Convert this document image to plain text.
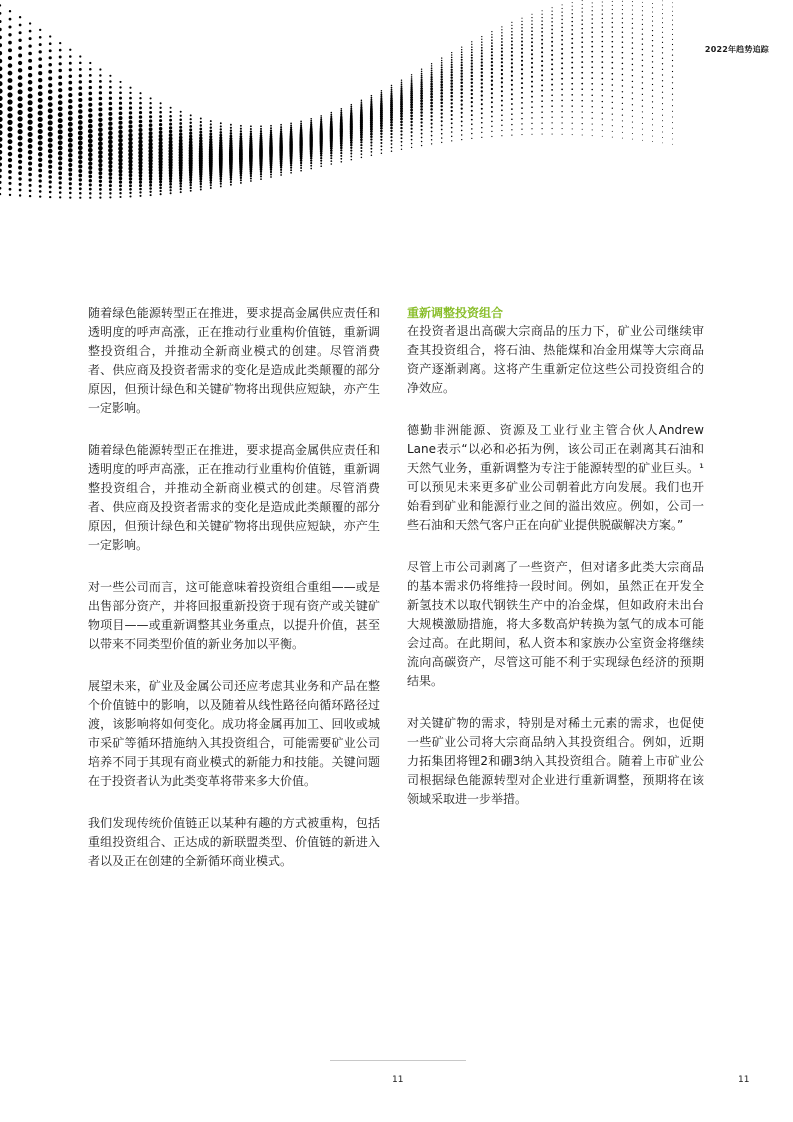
2022年趋势追踪

随着绿色能源转型正在推进，要求提高金属供应责任和透明度的呼声高涨，正在推动行业重构价值链，重新调整投资组合，并推动全新商业模式的创建。尽管消费者、供应商及投资者需求的变化是造成此类颠覆的部分原因，但预计绿色和关键矿物将出现供应短缺，亦产生一定影响。

随着绿色能源转型正在推进，要求提高金属供应责任和透明度的呼声高涨，正在推动行业重构价值链，重新调整投资组合，并推动全新商业模式的创建。尽管消费者、供应商及投资者需求的变化是造成此类颠覆的部分原因，但预计绿色和关键矿物将出现供应短缺，亦产生一定影响。

对一些公司而言，这可能意味着投资组合重组——或是出售部分资产，并将回报重新投资于现有资产或关键矿物项目——或重新调整其业务重点，以提升价值，甚至以带来不同类型价值的新业务加以平衡。

展望未来，矿业及金属公司还应考虑其业务和产品在整个价值链中的影响，以及随着从线性路径向循环路径过渡，该影响将如何变化。成功将金属再加工、回收或城市采矿等循环措施纳入其投资组合，可能需要矿业公司培养不同于其现有商业模式的新能力和技能。关键问题在于投资者认为此类变革将带来多大价值。

我们发现传统价值链正以某种有趣的方式被重构，包括重组投资组合、正达成的新联盟类型、价值链的新进入者以及正在创建的全新循环商业模式。

重新调整投资组合

在投资者退出高碳大宗商品的压力下，矿业公司继续审查其投资组合，将石油、热能煤和冶金用煤等大宗商品资产逐渐剥离。这将产生重新定位这些公司投资组合的净效应。

德勤非洲能源、资源及工业行业主管合伙人Andrew Lane表示“以必和必拓为例，该公司正在剥离其石油和天然气业务，重新调整为专注于能源转型的矿业巨头。¹可以预见未来更多矿业公司朝着此方向发展。我们也开始看到矿业和能源行业之间的溢出效应。例如，公司一些石油和天然气客户正在向矿业提供脱碳解决方案。”

尽管上市公司剥离了一些资产，但对诸多此类大宗商品的基本需求仍将维持一段时间。例如，虽然正在开发全新氢技术以取代钢铁生产中的冶金煤，但如政府未出台大规模激励措施，将大多数高炉转换为氢气的成本可能会过高。在此期间，私人资本和家族办公室资金将继续流向高碳资产，尽管这可能不利于实现绿色经济的预期结果。

对关键矿物的需求，特别是对稀土元素的需求，也促使一些矿业公司将大宗商品纳入其投资组合。例如，近期力拓集团将锂2和硼3纳入其投资组合。随着上市矿业公司根据绿色能源转型对企业进行重新调整，预期将在该领域采取进一步举措。

11	11
